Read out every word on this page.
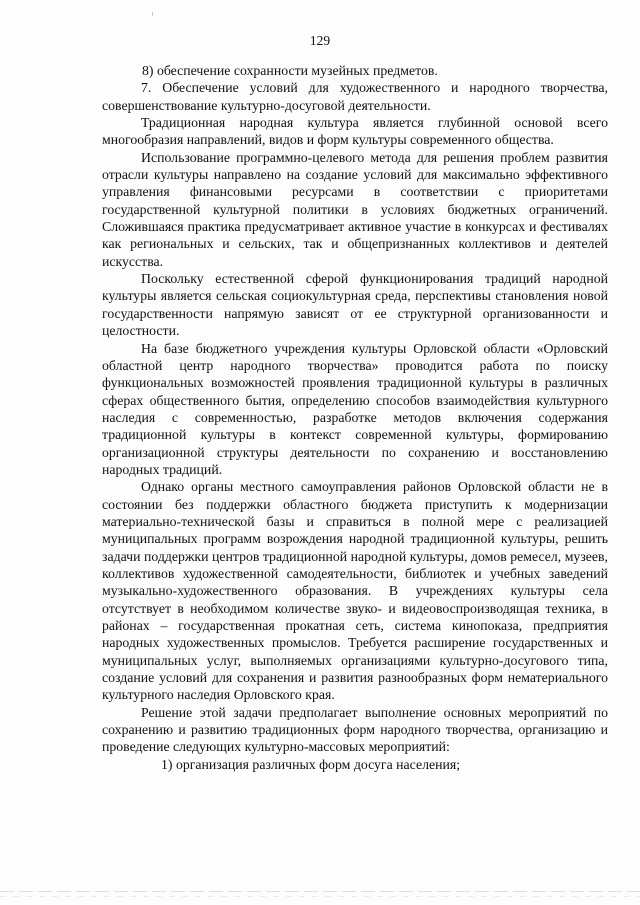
129

8) обеспечение сохранности музейных предметов.

7. Обеспечение условий для художественного и народного творчества, совершенствование культурно-досуговой деятельности.

Традиционная народная культура является глубинной основой всего многообразия направлений, видов и форм культуры современного общества.

Использование программно-целевого метода для решения проблем развития отрасли культуры направлено на создание условий для максимально эффективного управления финансовыми ресурсами в соответствии с приоритетами государственной культурной политики в условиях бюджетных ограничений. Сложившаяся практика предусматривает активное участие в конкурсах и фестивалях как региональных и сельских, так и общепризнанных коллективов и деятелей искусства.

Поскольку естественной сферой функционирования традиций народной культуры является сельская социокультурная среда, перспективы становления новой государственности напрямую зависят от ее структурной организованности и целостности.

На базе бюджетного учреждения культуры Орловской области «Орловский областной центр народного творчества» проводится работа по поиску функциональных возможностей проявления традиционной культуры в различных сферах общественного бытия, определению способов взаимодействия культурного наследия с современностью, разработке методов включения содержания традиционной культуры в контекст современной культуры, формированию организационной структуры деятельности по сохранению и восстановлению народных традиций.

Однако органы местного самоуправления районов Орловской области не в состоянии без поддержки областного бюджета приступить к модернизации материально-технической базы и справиться в полной мере с реализацией муниципальных программ возрождения народной традиционной культуры, решить задачи поддержки центров традиционной народной культуры, домов ремесел, музеев, коллективов художественной самодеятельности, библиотек и учебных заведений музыкально-художественного образования. В учреждениях культуры села отсутствует в необходимом количестве звуко- и видеовоспроизводящая техника, в районах – государственная прокатная сеть, система кинопоказа, предприятия народных художественных промыслов. Требуется расширение государственных и муниципальных услуг, выполняемых организациями культурно-досугового типа, создание условий для сохранения и развития разнообразных форм нематериального культурного наследия Орловского края.

Решение этой задачи предполагает выполнение основных мероприятий по сохранению и развитию традиционных форм народного творчества, организацию и проведение следующих культурно-массовых мероприятий:

1) организация различных форм досуга населения;
